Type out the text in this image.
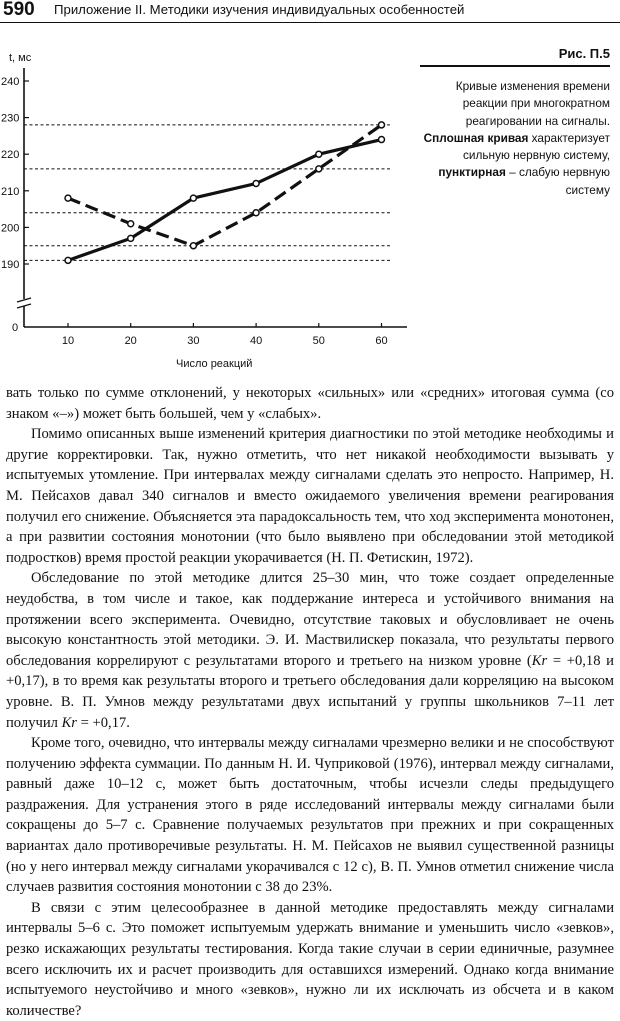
590 Приложение II. Методики изучения индивидуальных особенностей
t, мс
Число реакций
240
230
220
210
200
190
0
10	20	30	40	50	60
Рис. П.5
Кривые изменения времени реакции при многократном реагировании на сигналы. Сплошная кривая характеризует сильную нервную систему, пунктирная – слабую нервную систему

вать только по сумме отклонений, у некоторых «сильных» или «средних» итоговая сумма (со знаком «–») может быть большей, чем у «слабых».

Помимо описанных выше изменений критерия диагностики по этой методике необходимы и другие корректировки. Так, нужно отметить, что нет никакой необходимости вызывать у испытуемых утомление. При интервалах между сигналами сделать это непросто. Например, Н. М. Пейсахов давал 340 сигналов и вместо ожидаемого увеличения времени реагирования получил его снижение. Объясняется эта парадоксальность тем, что ход эксперимента монотонен, а при развитии состояния монотонии (что было выявлено при обследовании этой методикой подростков) время простой реакции укорачивается (Н. П. Фетискин, 1972).

Обследование по этой методике длится 25–30 мин, что тоже создает определенные неудобства, в том числе и такое, как поддержание интереса и устойчивого внимания на протяжении всего эксперимента. Очевидно, отсутствие таковых и обусловливает не очень высокую константность этой методики. Э. И. Маствилискер показала, что результаты первого обследования коррелируют с результатами второго и третьего на низком уровне (Kr = +0,18 и +0,17), в то время как результаты второго и третьего обследования дали корреляцию на высоком уровне. В. П. Умнов между результатами двух испытаний у группы школьников 7–11 лет получил Kr = +0,17.

Кроме того, очевидно, что интервалы между сигналами чрезмерно велики и не способствуют получению эффекта суммации. По данным Н. И. Чуприковой (1976), интервал между сигналами, равный даже 10–12 с, может быть достаточным, чтобы исчезли следы предыдущего раздражения. Для устранения этого в ряде исследований интервалы между сигналами были сокращены до 5–7 с. Сравнение получаемых результатов при прежних и при сокращенных вариантах дало противоречивые результаты. Н. М. Пейсахов не выявил существенной разницы (но у него интервал между сигналами укорачивался с 12 с), В. П. Умнов отметил снижение числа случаев развития состояния монотонии с 38 до 23%.

В связи с этим целесообразнее в данной методике предоставлять между сигналами интервалы 5–6 с. Это поможет испытуемым удержать внимание и уменьшить число «зевков», резко искажающих результаты тестирования. Когда такие случаи в серии единичные, разумнее всего исключить их и расчет производить для оставшихся измерений. Однако когда внимание испытуемого неустойчиво и много «зевков», нужно ли их исключать из обсчета и в каком количестве?
